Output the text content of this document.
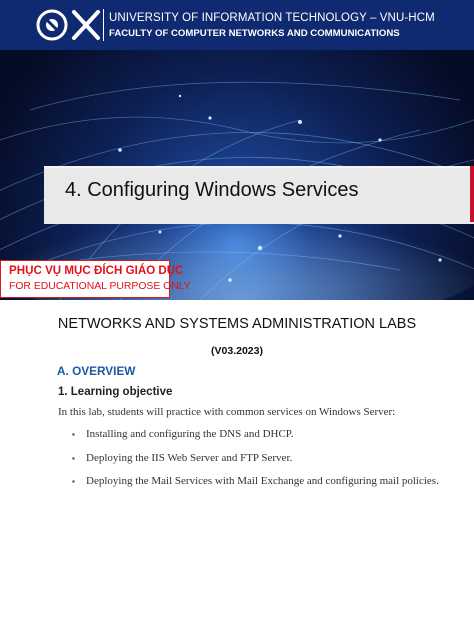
UNIVERSITY OF INFORMATION TECHNOLOGY – VNU-HCM
FACULTY OF COMPUTER NETWORKS AND COMMUNICATIONS
4. Configuring Windows Services
PHỤC VỤ MỤC ĐÍCH GIÁO DỤC
FOR EDUCATIONAL PURPOSE ONLY
NETWORKS AND SYSTEMS ADMINISTRATION LABS
(V03.2023)
A. OVERVIEW
1. Learning objective
In this lab, students will practice with common services on Windows Server:
▪ Installing and configuring the DNS and DHCP.
▪ Deploying the IIS Web Server and FTP Server.
▪ Deploying the Mail Services with Mail Exchange and configuring mail policies.
